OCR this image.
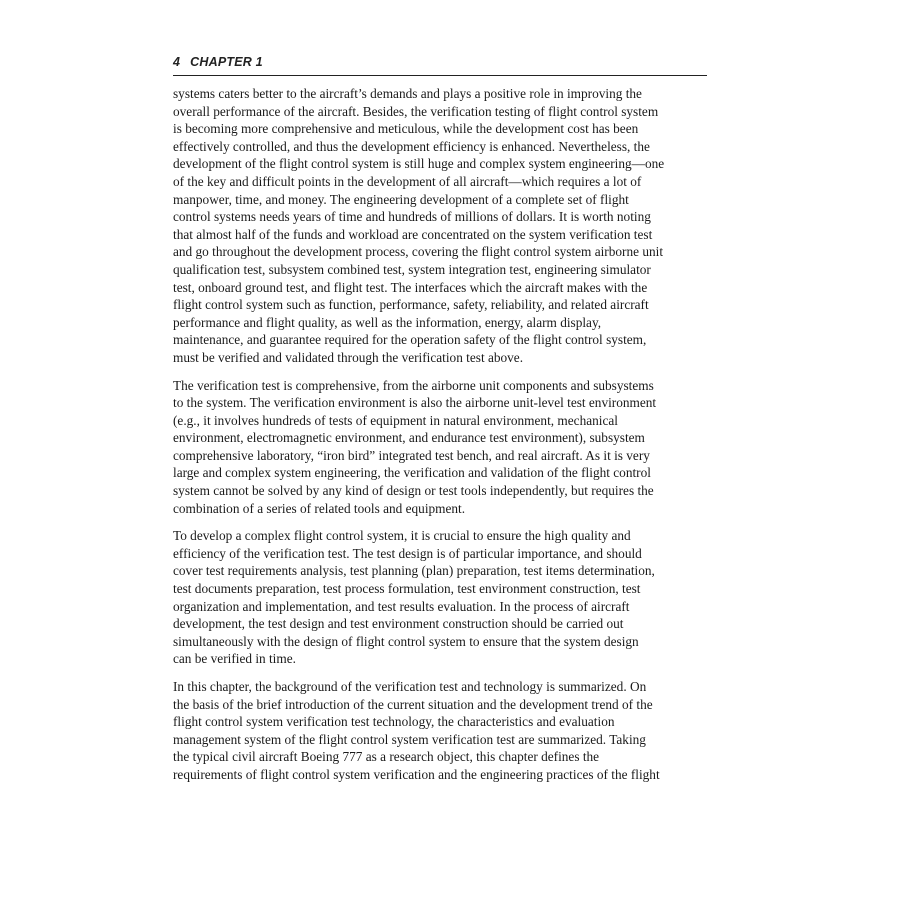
4 CHAPTER 1

systems caters better to the aircraft’s demands and plays a positive role in improving the
overall performance of the aircraft. Besides, the verification testing of flight control system
is becoming more comprehensive and meticulous, while the development cost has been
effectively controlled, and thus the development efficiency is enhanced. Nevertheless, the
development of the flight control system is still huge and complex system engineering—one
of the key and difficult points in the development of all aircraft—which requires a lot of
manpower, time, and money. The engineering development of a complete set of flight
control systems needs years of time and hundreds of millions of dollars. It is worth noting
that almost half of the funds and workload are concentrated on the system verification test
and go throughout the development process, covering the flight control system airborne unit
qualification test, subsystem combined test, system integration test, engineering simulator
test, onboard ground test, and flight test. The interfaces which the aircraft makes with the
flight control system such as function, performance, safety, reliability, and related aircraft
performance and flight quality, as well as the information, energy, alarm display,
maintenance, and guarantee required for the operation safety of the flight control system,
must be verified and validated through the verification test above.

The verification test is comprehensive, from the airborne unit components and subsystems
to the system. The verification environment is also the airborne unit-level test environment
(e.g., it involves hundreds of tests of equipment in natural environment, mechanical
environment, electromagnetic environment, and endurance test environment), subsystem
comprehensive laboratory, “iron bird” integrated test bench, and real aircraft. As it is very
large and complex system engineering, the verification and validation of the flight control
system cannot be solved by any kind of design or test tools independently, but requires the
combination of a series of related tools and equipment.

To develop a complex flight control system, it is crucial to ensure the high quality and
efficiency of the verification test. The test design is of particular importance, and should
cover test requirements analysis, test planning (plan) preparation, test items determination,
test documents preparation, test process formulation, test environment construction, test
organization and implementation, and test results evaluation. In the process of aircraft
development, the test design and test environment construction should be carried out
simultaneously with the design of flight control system to ensure that the system design
can be verified in time.

In this chapter, the background of the verification test and technology is summarized. On
the basis of the brief introduction of the current situation and the development trend of the
flight control system verification test technology, the characteristics and evaluation
management system of the flight control system verification test are summarized. Taking
the typical civil aircraft Boeing 777 as a research object, this chapter defines the
requirements of flight control system verification and the engineering practices of the flight
